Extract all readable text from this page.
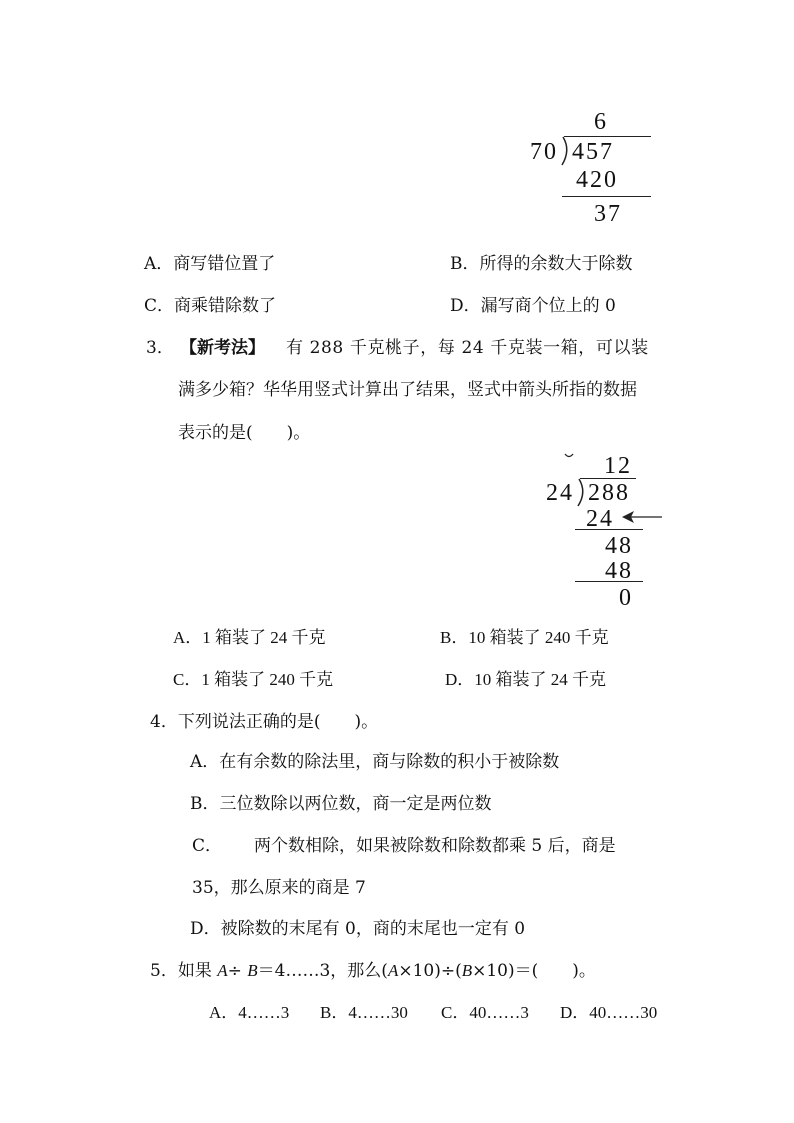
6
70 457
420
37
A．商写错位置了	B．所得的余数大于除数
C．商乘错除数了	D．漏写商个位上的 0
3． 【新考法】 有 288 千克桃子，每 24 千克装一箱，可以装
满多少箱？华华用竖式计算出了结果，竖式中箭头所指的数据
表示的是(　　)。
12
24 288
24
48
48
0
A．1 箱装了 24 千克	B．10 箱装了 240 千克
C．1 箱装了 240 千克	D．10 箱装了 24 千克
4．下列说法正确的是(　　)。
A．在有余数的除法里，商与除数的积小于被除数
B．三位数除以两位数，商一定是两位数
C． 两个数相除，如果被除数和除数都乘 5 后，商是
35，那么原来的商是 7
D．被除数的末尾有 0，商的末尾也一定有 0
5．如果 A÷ B＝4……3，那么(A×10)÷(B×10)＝(　　)。
A．4……3 B．4……30 C．40……3 D．40……30
